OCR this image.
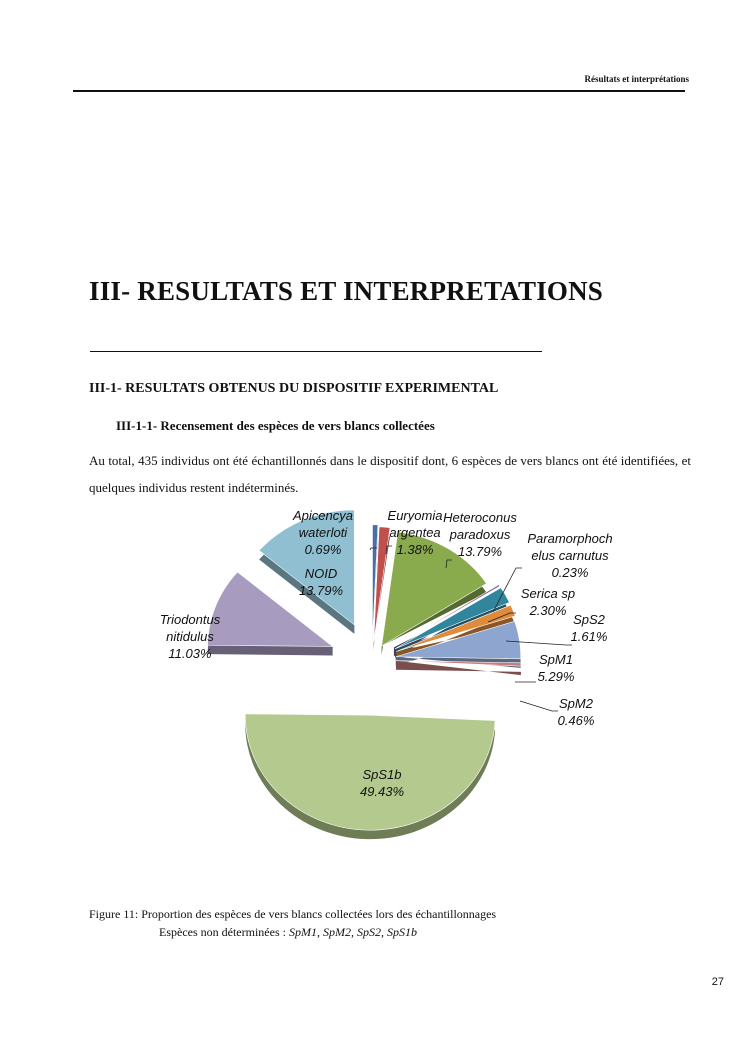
Résultats et interprétations
III- RESULTATS ET INTERPRETATIONS
III-1- RESULTATS OBTENUS DU DISPOSITIF EXPERIMENTAL
III-1-1- Recensement des espèces de vers blancs collectées

Au total, 435 individus ont été échantillonnés dans le dispositif dont, 6 espèces de vers blancs ont été identifiées, et quelques individus restent indéterminés.

Apicencya waterloti 0.69%
Euryomia argentea 1.38%
Heteroconus paradoxus 13.79%
Paramorphoch elus carnutus 0.23%
Serica sp 2.30%
SpS2 1.61%
SpM1 5.29%
SpM2 0.46%
SpS1b 49.43%
Triodontus nitidulus 11.03%
NOID 13.79%

Figure 11: Proportion des espèces de vers blancs collectées lors des échantillonnages
Espèces non déterminées : SpM1, SpM2, SpS2, SpS1b

27
